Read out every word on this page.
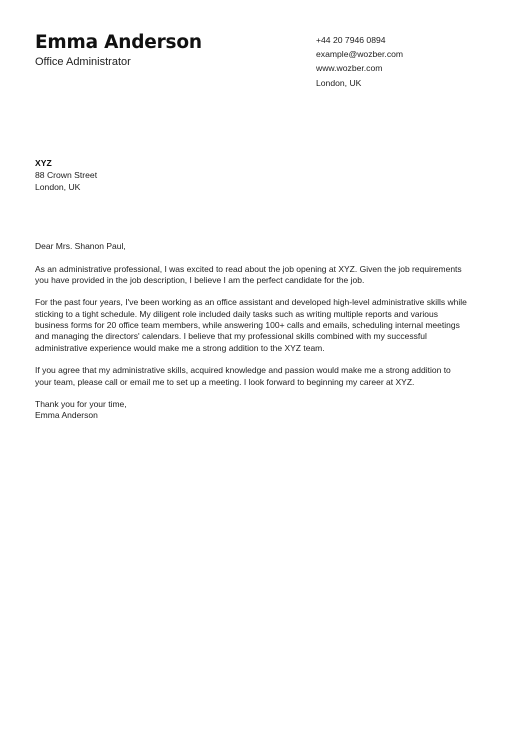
Emma Anderson
Office Administrator
+44 20 7946 0894
example@wozber.com
www.wozber.com
London, UK
XYZ
88 Crown Street
London, UK

Dear Mrs. Shanon Paul,

As an administrative professional, I was excited to read about the job opening at XYZ. Given the job requirements you have provided in the job description, I believe I am the perfect candidate for the job.

For the past four years, I've been working as an office assistant and developed high-level administrative skills while sticking to a tight schedule. My diligent role included daily tasks such as writing multiple reports and various business forms for 20 office team members, while answering 100+ calls and emails, scheduling internal meetings and managing the directors' calendars. I believe that my professional skills combined with my successful administrative experience would make me a strong addition to the XYZ team.

If you agree that my administrative skills, acquired knowledge and passion would make me a strong addition to your team, please call or email me to set up a meeting. I look forward to beginning my career at XYZ.

Thank you for your time,
Emma Anderson
